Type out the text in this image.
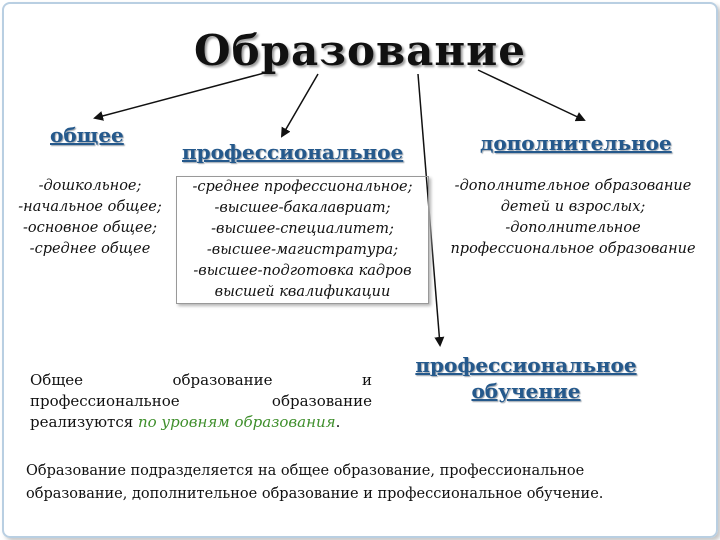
Образование
общее
профессиональное	дополнительное
-дошкольное;
-начальное общее;
-основное общее;
-среднее общее
-среднее профессиональное;
-высшее-бакалавриат;
-высшее-специалитет;
-высшее-магистратура;
-высшее-подготовка кадров
высшей квалификации
-дополнительное образование
детей и взрослых;
-дополнительное
профессиональное образование
профессиональное
обучение
Общее	образование	и
профессиональное	образование
реализуются по уровням образования.
Образование подразделяется на общее образование, профессиональное образование, дополнительное образование и профессиональное обучение.
